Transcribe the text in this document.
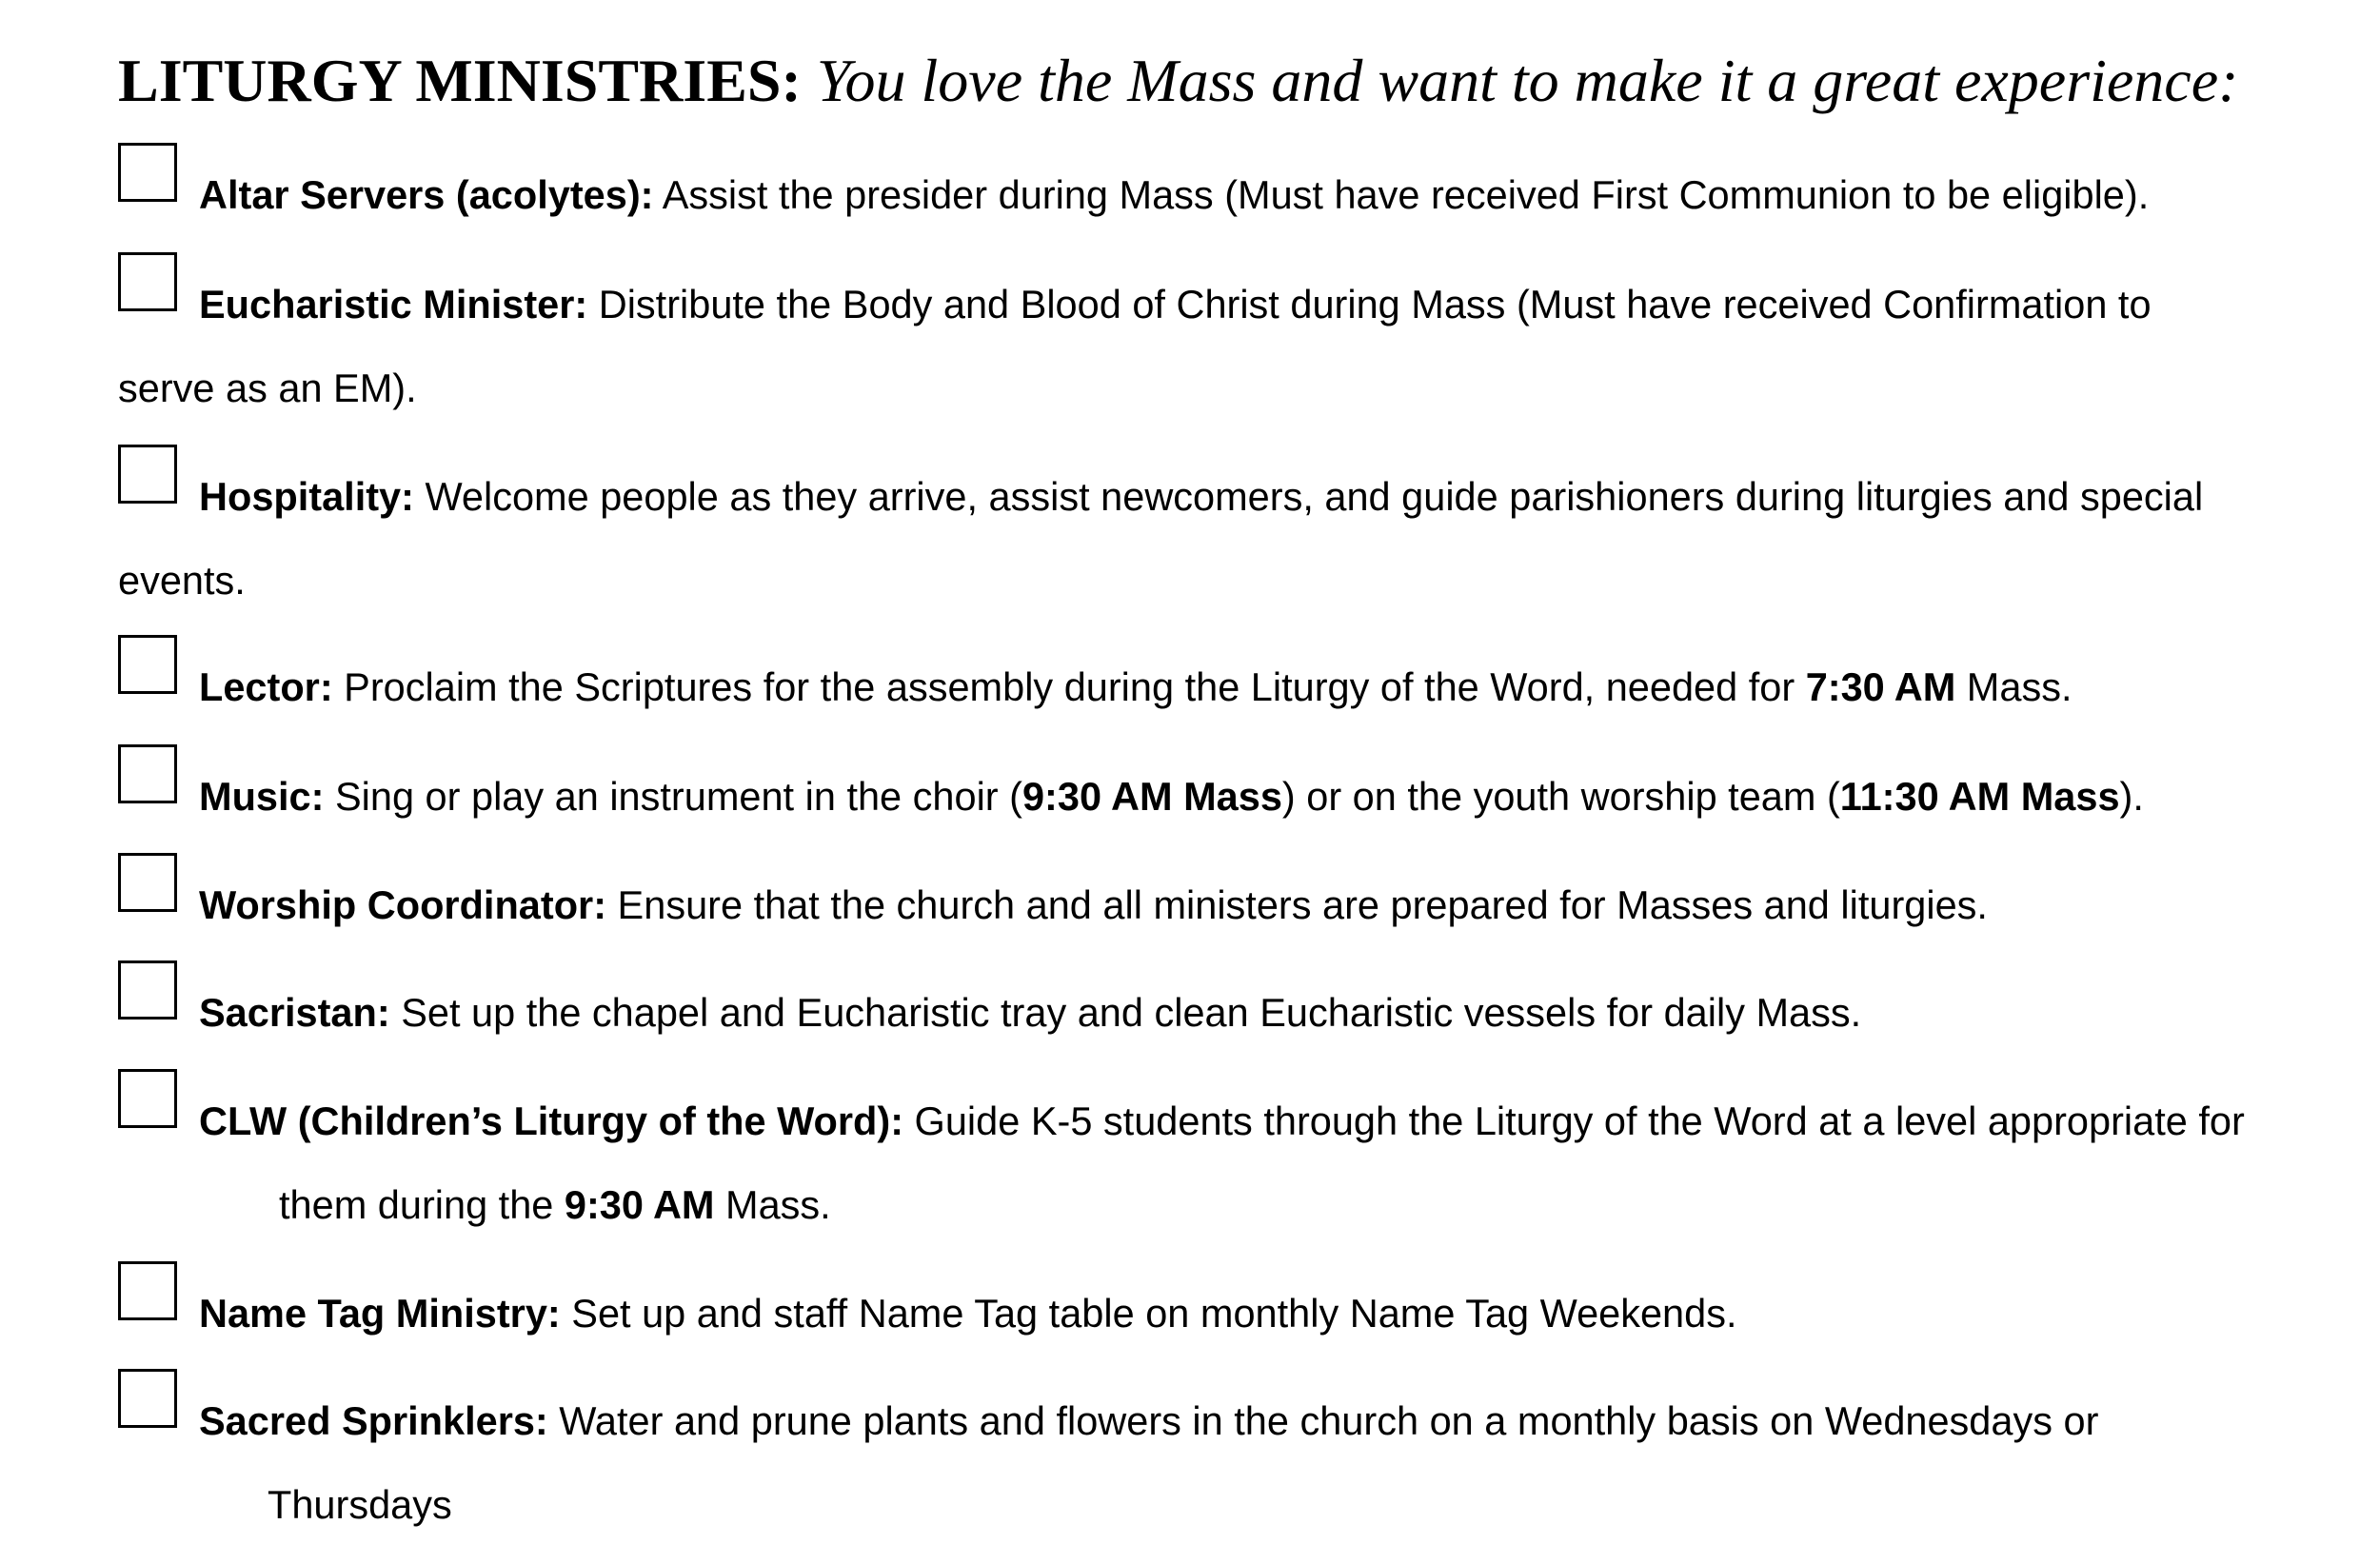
LITURGY MINISTRIES: You love the Mass and want to make it a great experience:
Altar Servers (acolytes): Assist the presider during Mass (Must have received First Communion to be eligible).
Eucharistic Minister: Distribute the Body and Blood of Christ during Mass (Must have received Confirmation to
serve as an EM).
Hospitality: Welcome people as they arrive, assist newcomers, and guide parishioners during liturgies and special
events.
Lector: Proclaim the Scriptures for the assembly during the Liturgy of the Word, needed for 7:30 AM Mass.
Music: Sing or play an instrument in the choir (9:30 AM Mass) or on the youth worship team (11:30 AM Mass).
Worship Coordinator: Ensure that the church and all ministers are prepared for Masses and liturgies.
Sacristan: Set up the chapel and Eucharistic tray and clean Eucharistic vessels for daily Mass.
CLW (Children’s Liturgy of the Word): Guide K-5 students through the Liturgy of the Word at a level appropriate for
them during the 9:30 AM Mass.
Name Tag Ministry: Set up and staff Name Tag table on monthly Name Tag Weekends.
Sacred Sprinklers: Water and prune plants and flowers in the church on a monthly basis on Wednesdays or
Thursdays
